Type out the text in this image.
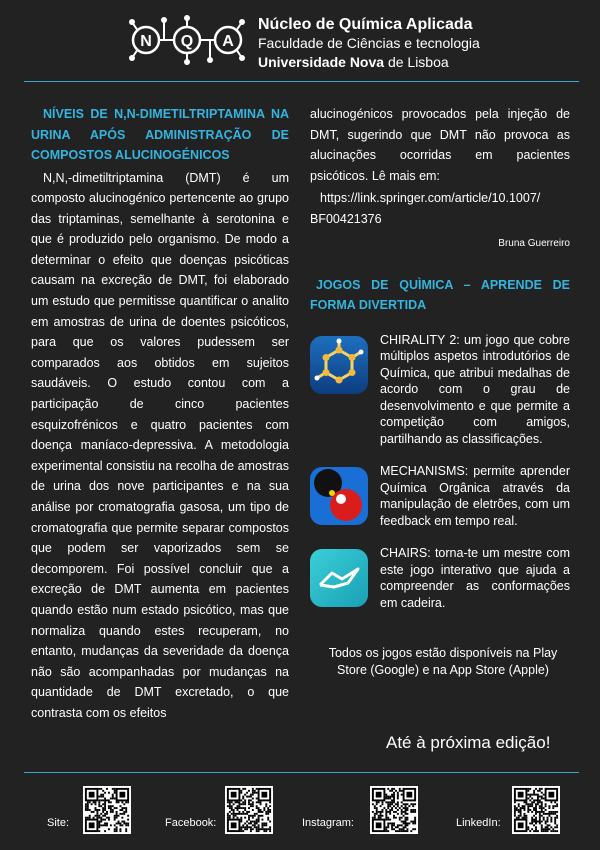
N Q A
Núcleo de Química Aplicada
Faculdade de Ciências e tecnologia
Universidade Nova de Lisboa
NÍVEIS DE N,N-DIMETILTRIPTAMINA NA
URINA APÓS ADMINISTRAÇÃO DE
COMPOSTOS ALUCINOGÉNICOS

N,N,-dimetiltriptamina (DMT) é um composto alucinogénico pertencente ao grupo das triptaminas, semelhante à serotonina e que é produzido pelo organismo. De modo a determinar o efeito que doenças psicóticas causam na excreção de DMT, foi elaborado um estudo que permitisse quantificar o analito em amostras de urina de doentes psicóticos, para que os valores pudessem ser comparados aos obtidos em sujeitos saudáveis. O estudo contou com a participação de cinco pacientes esquizofrénicos e quatro pacientes com doença maníaco-depressiva. A metodologia experimental consistiu na recolha de amostras de urina dos nove participantes e na sua análise por cromatografia gasosa, um tipo de cromatografia que permite separar compostos que podem ser vaporizados sem se decomporem. Foi possível concluir que a excreção de DMT aumenta em pacientes quando estão num estado psicótico, mas que normaliza quando estes recuperam, no entanto, mudanças da severidade da doença não são acompanhadas por mudanças na quantidade de DMT excretado, o que contrasta com os efeitos

alucinogénicos provocados pela injeção de DMT, sugerindo que DMT não provoca as alucinações ocorridas em pacientes psicóticos. Lê mais em:

https://link.springer.com/article/10.1007/
BF00421376
Bruna Guerreiro
JOGOS DE QUÌMICA – APRENDE DE
FORMA DIVERTIDA

CHIRALITY 2: um jogo que cobre múltiplos aspetos introdutórios de Química, que atribui medalhas de acordo com o grau de desenvolvimento e que permite a competição com amigos, partilhando as classificações.

MECHANISMS: permite aprender Química Orgânica através da manipulação de eletrões, com um feedback em tempo real.

CHAIRS: torna-te um mestre com este jogo interativo que ajuda a compreender as conformações em cadeira.

Todos os jogos estão disponíveis na Play Store (Google) e na App Store (Apple)

Até à próxima edição!
Site:	Facebook:	Instagram:	LinkedIn:
